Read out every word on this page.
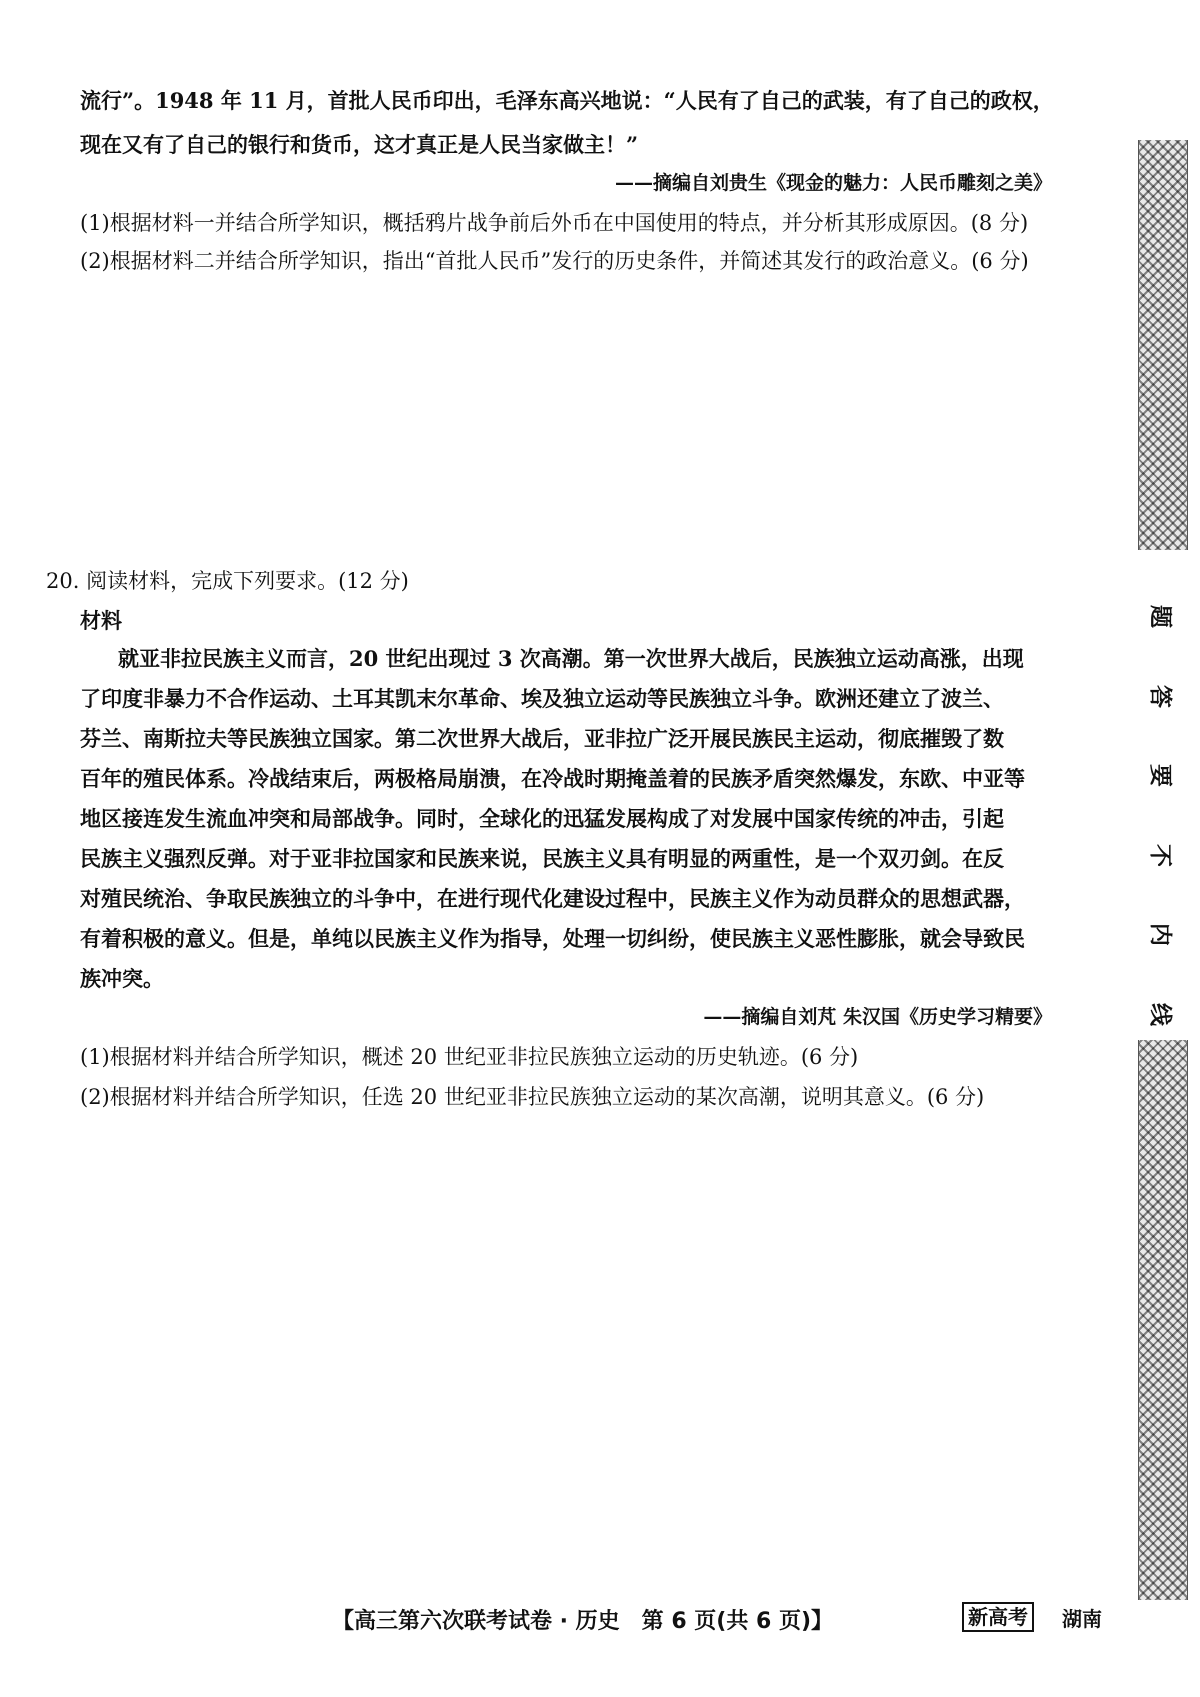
流行”。1948 年 11 月，首批人民币印出，毛泽东高兴地说：“人民有了自己的武装，有了自己的政权，
现在又有了自己的银行和货币，这才真正是人民当家做主！”
——摘编自刘贵生《现金的魅力：人民币雕刻之美》
(1)根据材料一并结合所学知识，概括鸦片战争前后外币在中国使用的特点，并分析其形成原因。(8 分)
(2)根据材料二并结合所学知识，指出“首批人民币”发行的历史条件，并简述其发行的政治意义。(6 分)
20. 阅读材料，完成下列要求。(12 分)
材料
就亚非拉民族主义而言，20 世纪出现过 3 次高潮。第一次世界大战后，民族独立运动高涨，出现
了印度非暴力不合作运动、土耳其凯末尔革命、埃及独立运动等民族独立斗争。欧洲还建立了波兰、
芬兰、南斯拉夫等民族独立国家。第二次世界大战后，亚非拉广泛开展民族民主运动，彻底摧毁了数
百年的殖民体系。冷战结束后，两极格局崩溃，在冷战时期掩盖着的民族矛盾突然爆发，东欧、中亚等
地区接连发生流血冲突和局部战争。同时，全球化的迅猛发展构成了对发展中国家传统的冲击，引起
民族主义强烈反弹。对于亚非拉国家和民族来说，民族主义具有明显的两重性，是一个双刃剑。在反
对殖民统治、争取民族独立的斗争中，在进行现代化建设过程中，民族主义作为动员群众的思想武器，
有着积极的意义。但是，单纯以民族主义作为指导，处理一切纠纷，使民族主义恶性膨胀，就会导致民
族冲突。
——摘编自刘芃 朱汉国《历史学习精要》
(1)根据材料并结合所学知识，概述 20 世纪亚非拉民族独立运动的历史轨迹。(6 分)
(2)根据材料并结合所学知识，任选 20 世纪亚非拉民族独立运动的某次高潮，说明其意义。(6 分)
题
答
要
不
内
线
【高三第六次联考试卷 · 历史　第 6 页(共 6 页)】	新高考	湖南
